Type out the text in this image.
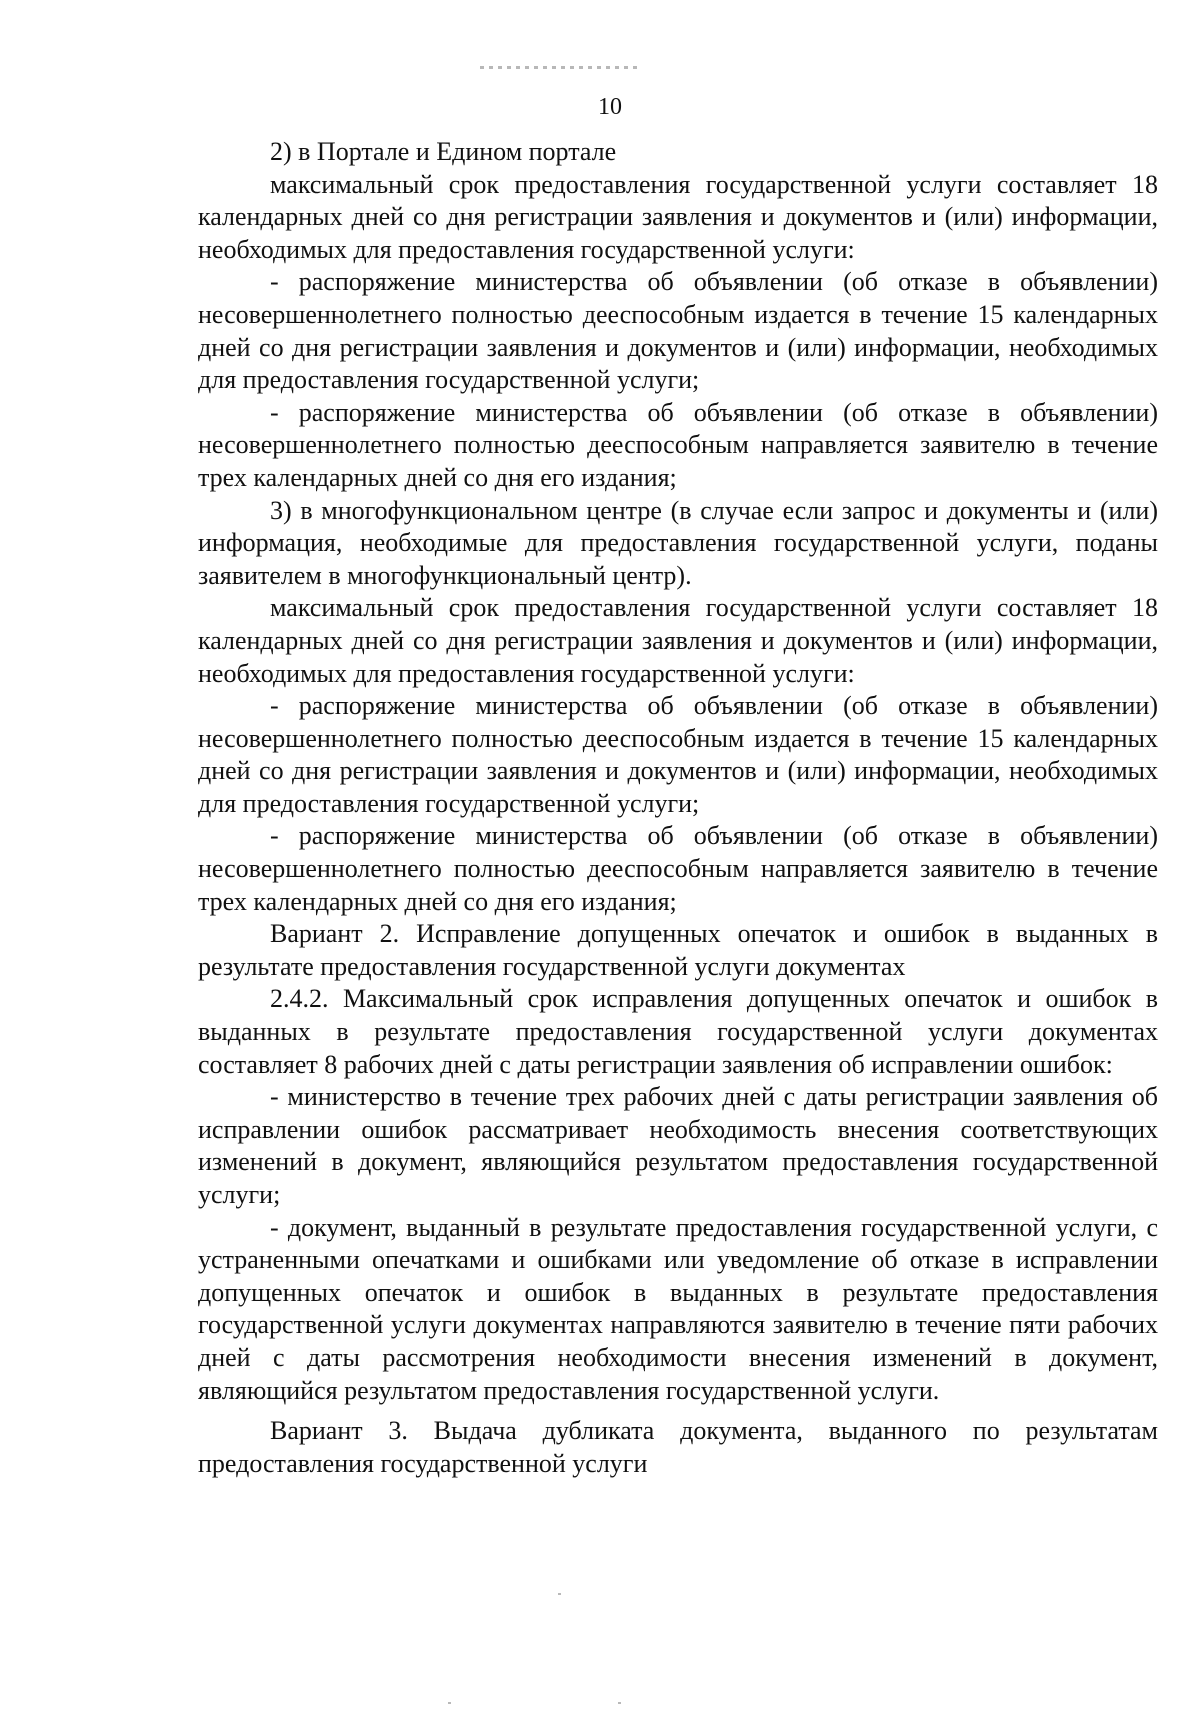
10

2) в Портале и Едином портале

максимальный срок предоставления государственной услуги составляет 18 календарных дней со дня регистрации заявления и документов и (или) информации, необходимых для предоставления государственной услуги:

- распоряжение министерства об объявлении (об отказе в объявлении) несовершеннолетнего полностью дееспособным издается в течение 15 календарных дней со дня регистрации заявления и документов и (или) информации, необходимых для предоставления государственной услуги;

- распоряжение министерства об объявлении (об отказе в объявлении) несовершеннолетнего полностью дееспособным направляется заявителю в течение трех календарных дней со дня его издания;

3) в многофункциональном центре (в случае если запрос и документы и (или) информация, необходимые для предоставления государственной услуги, поданы заявителем в многофункциональный центр).

максимальный срок предоставления государственной услуги составляет 18 календарных дней со дня регистрации заявления и документов и (или) информации, необходимых для предоставления государственной услуги:

- распоряжение министерства об объявлении (об отказе в объявлении) несовершеннолетнего полностью дееспособным издается в течение 15 календарных дней со дня регистрации заявления и документов и (или) информации, необходимых для предоставления государственной услуги;

- распоряжение министерства об объявлении (об отказе в объявлении) несовершеннолетнего полностью дееспособным направляется заявителю в течение трех календарных дней со дня его издания;

Вариант 2. Исправление допущенных опечаток и ошибок в выданных в результате предоставления государственной услуги документах

2.4.2. Максимальный срок исправления допущенных опечаток и ошибок в выданных в результате предоставления государственной услуги документах составляет 8 рабочих дней с даты регистрации заявления об исправлении ошибок:

- министерство в течение трех рабочих дней с даты регистрации заявления об исправлении ошибок рассматривает необходимость внесения соответствующих изменений в документ, являющийся результатом предоставления государственной услуги;

- документ, выданный в результате предоставления государственной услуги, с устраненными опечатками и ошибками или уведомление об отказе в исправлении допущенных опечаток и ошибок в выданных в результате предоставления государственной услуги документах направляются заявителю в течение пяти рабочих дней с даты рассмотрения необходимости внесения изменений в документ, являющийся результатом предоставления государственной услуги.

Вариант 3. Выдача дубликата документа, выданного по результатам предоставления государственной услуги
